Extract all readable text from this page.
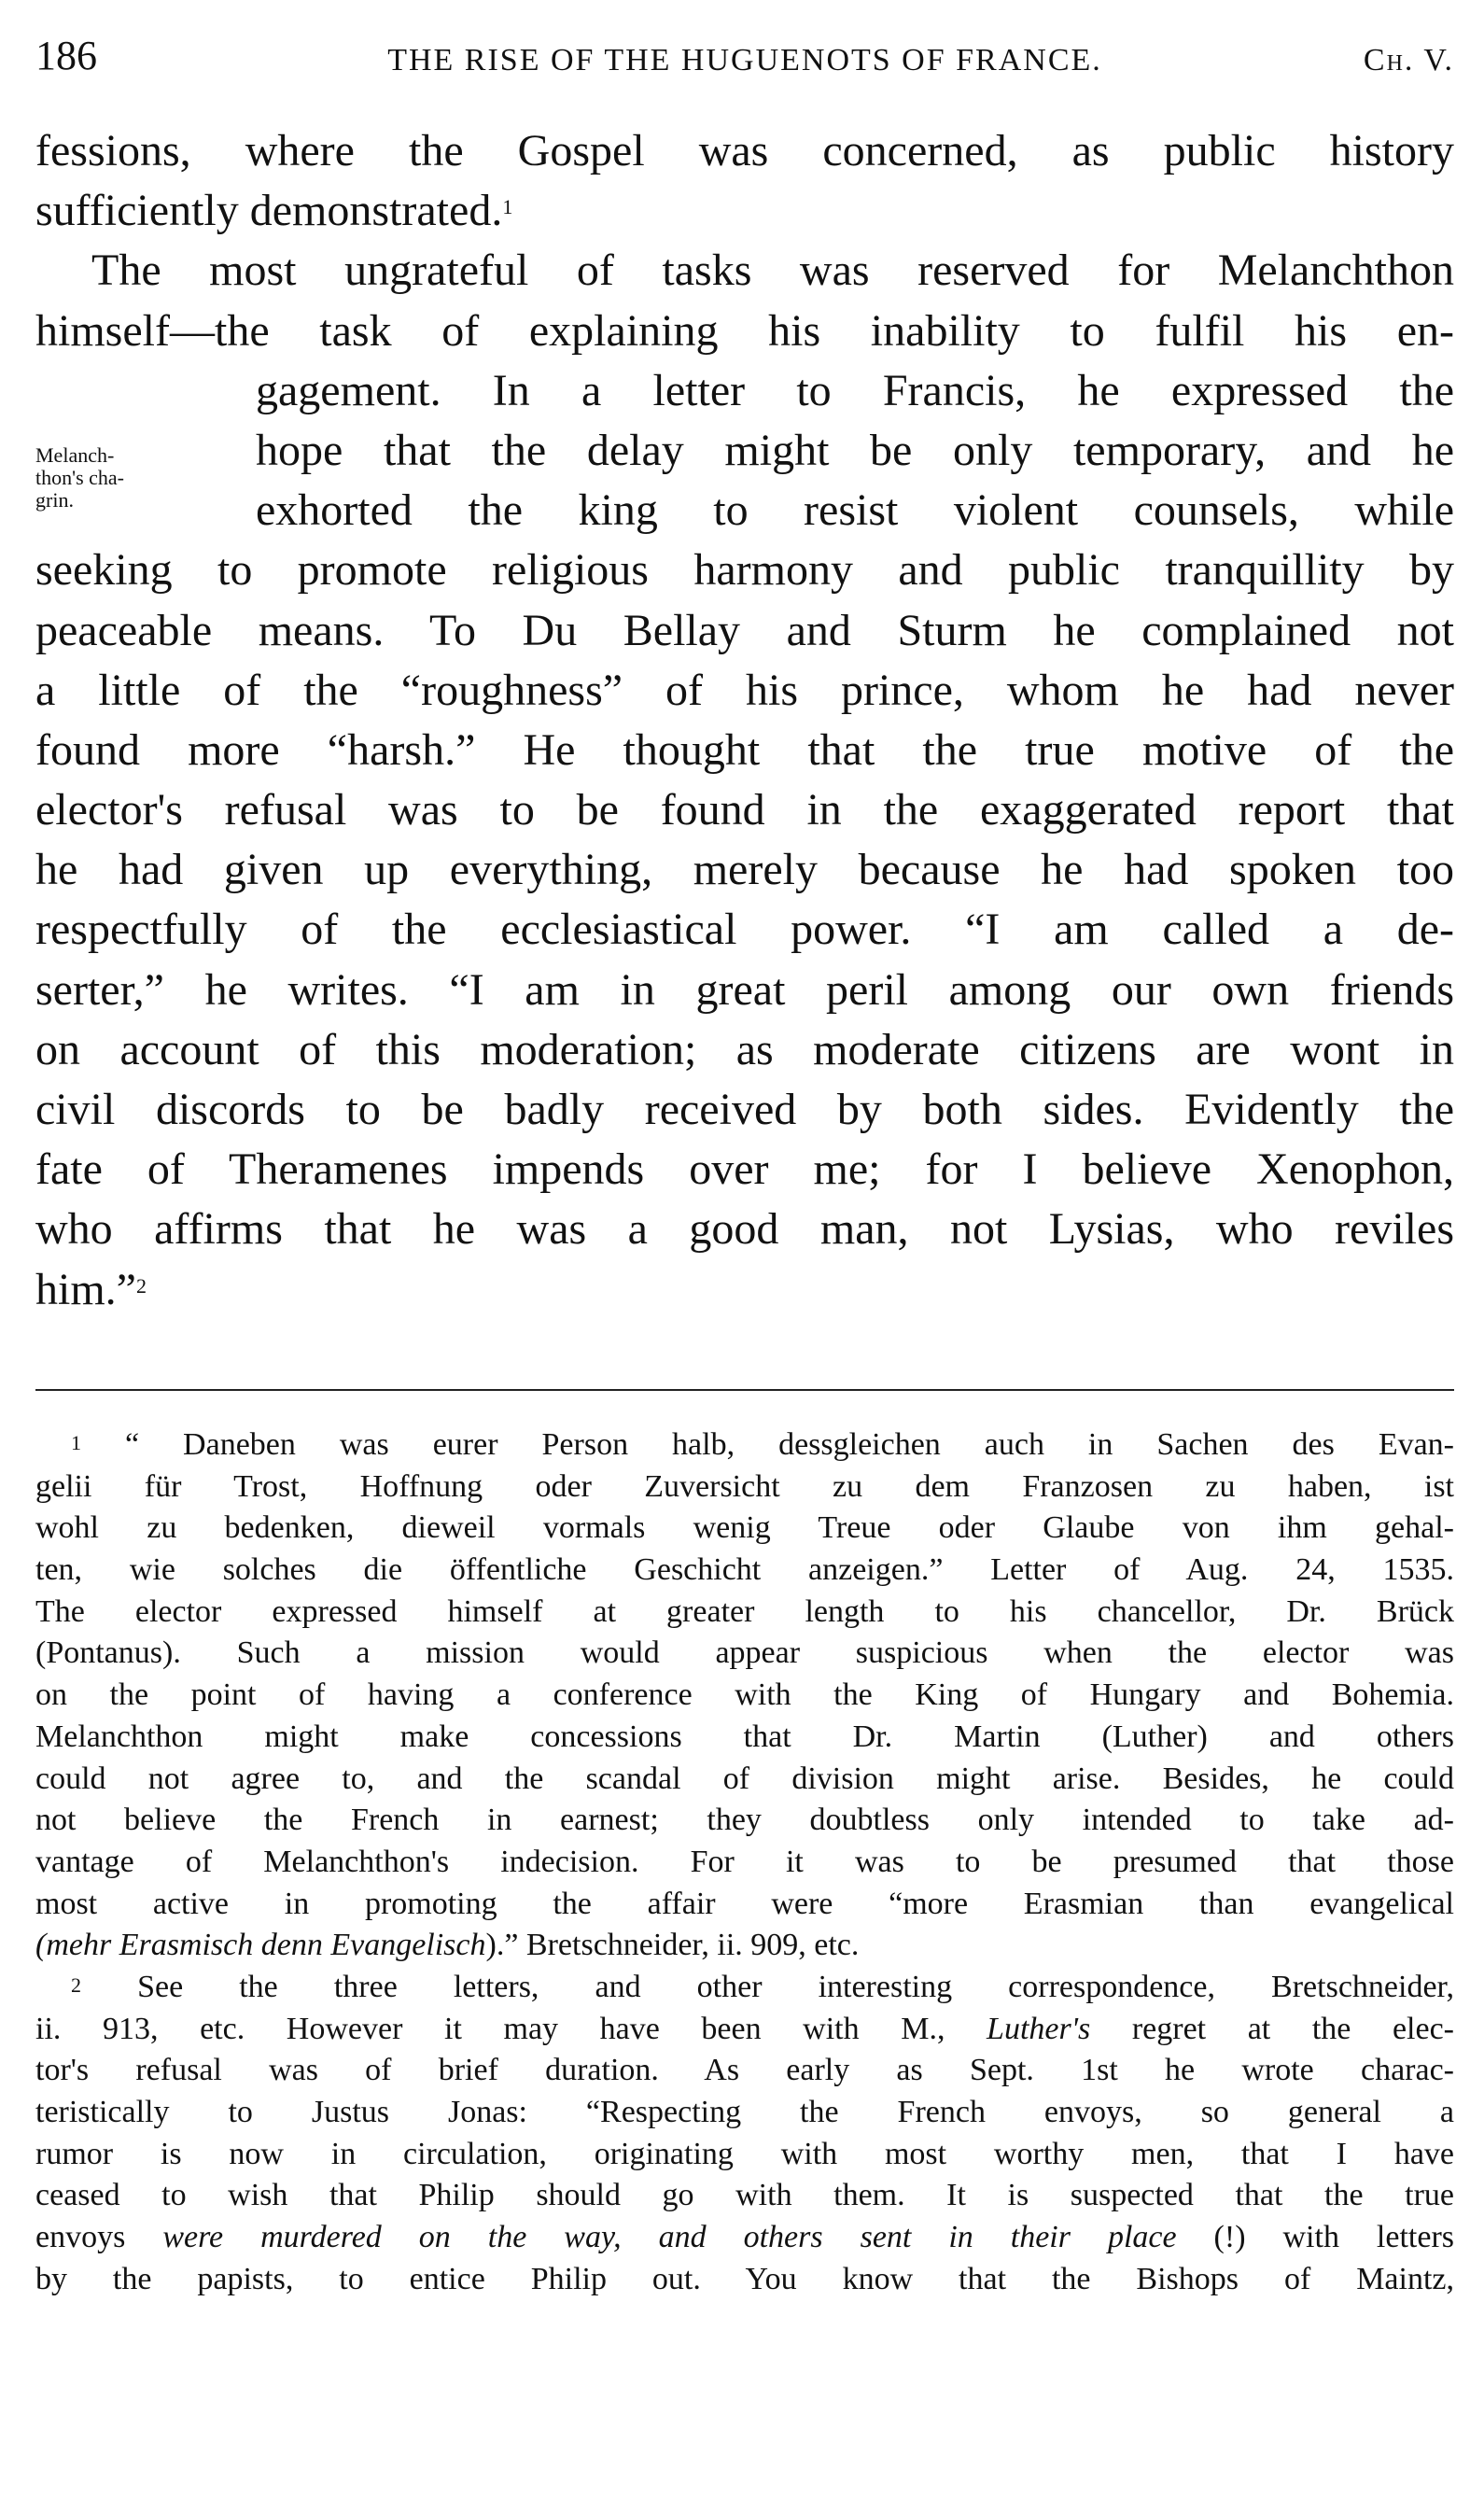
186	THE RISE OF THE HUGUENOTS OF FRANCE.	Ch. V.
Melanch-
thon's cha-
grin.
fessions, where the Gospel was concerned, as public history
sufficiently demonstrated.$^1$
The most ungrateful of tasks was reserved for Melanchthon
himself—the task of explaining his inability to fulfil his en-
gagement. In a letter to Francis, he expressed the
hope that the delay might be only temporary, and he
exhorted the king to resist violent counsels, while
seeking to promote religious harmony and public tranquillity by
peaceable means. To Du Bellay and Sturm he complained not
a little of the “roughness” of his prince, whom he had never
found more “harsh.” He thought that the true motive of the
elector's refusal was to be found in the exaggerated report that
he had given up everything, merely because he had spoken too
respectfully of the ecclesiastical power. “I am called a de-
serter,” he writes. “I am in great peril among our own friends
on account of this moderation; as moderate citizens are wont in
civil discords to be badly received by both sides. Evidently the
fate of Theramenes impends over me; for I believe Xenophon,
who affirms that he was a good man, not Lysias, who reviles
him.”$^2$
$^1$ “ Daneben was eurer Person halb, dessgleichen auch in Sachen des Evan-
gelii für Trost, Hoffnung oder Zuversicht zu dem Franzosen zu haben, ist
wohl zu bedenken, dieweil vormals wenig Treue oder Glaube von ihm gehal-
ten, wie solches die öffentliche Geschicht anzeigen.” Letter of Aug. 24, 1535.
The elector expressed himself at greater length to his chancellor, Dr. Brück
(Pontanus). Such a mission would appear suspicious when the elector was
on the point of having a conference with the King of Hungary and Bohemia.
Melanchthon might make concessions that Dr. Martin (Luther) and others
could not agree to, and the scandal of division might arise. Besides, he could
not believe the French in earnest; they doubtless only intended to take ad-
vantage of Melanchthon's indecision. For it was to be presumed that those
most active in promoting the affair were “more Erasmian than evangelical
(mehr Erasmisch denn Evangelisch).” Bretschneider, ii. 909, etc.
$^2$ See the three letters, and other interesting correspondence, Bretschneider,
ii. 913, etc. However it may have been with M., Luther's regret at the elec-
tor's refusal was of brief duration. As early as Sept. 1st he wrote charac-
teristically to Justus Jonas: “Respecting the French envoys, so general a
rumor is now in circulation, originating with most worthy men, that I have
ceased to wish that Philip should go with them. It is suspected that the true
envoys were murdered on the way, and others sent in their place (!) with letters
by the papists, to entice Philip out. You know that the Bishops of Maintz,
